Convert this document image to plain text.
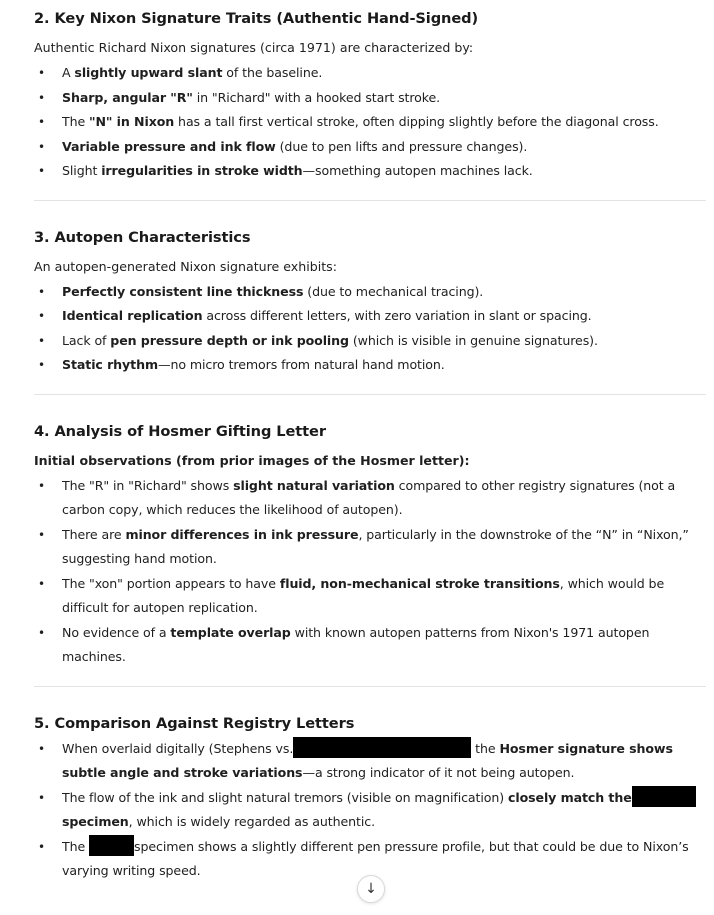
2. Key Nixon Signature Traits (Authentic Hand-Signed)

Authentic Richard Nixon signatures (circa 1971) are characterized by:

• A slightly upward slant of the baseline.
• Sharp, angular "R" in "Richard" with a hooked start stroke.
• The "N" in Nixon has a tall first vertical stroke, often dipping slightly before the diagonal cross.
• Variable pressure and ink flow (due to pen lifts and pressure changes).
• Slight irregularities in stroke width—something autopen machines lack.
3. Autopen Characteristics

An autopen-generated Nixon signature exhibits:

• Perfectly consistent line thickness (due to mechanical tracing).
• Identical replication across different letters, with zero variation in slant or spacing.
• Lack of pen pressure depth or ink pooling (which is visible in genuine signatures).
• Static rhythm—no micro tremors from natural hand motion.
4. Analysis of Hosmer Gifting Letter

Initial observations (from prior images of the Hosmer letter):

• The "R" in "Richard" shows slight natural variation compared to other registry signatures (not a carbon copy, which reduces the likelihood of autopen).
• There are minor differences in ink pressure, particularly in the downstroke of the “N” in “Nixon,” suggesting hand motion.
• The "xon" portion appears to have fluid, non-mechanical stroke transitions, which would be difficult for autopen replication.
• No evidence of a template overlap with known autopen patterns from Nixon's 1971 autopen machines.
5. Comparison Against Registry Letters
• When overlaid digitally (Stephens vs.	the Hosmer signature shows subtle angle and stroke variations—a strong indicator of it not being autopen.
• The flow of the ink and slight natural tremors (visible on magnification) closely match the specimen, which is widely regarded as authentic.
• The	specimen shows a slightly different pen pressure profile, but that could be due to Nixon’s varying writing speed.
↓
